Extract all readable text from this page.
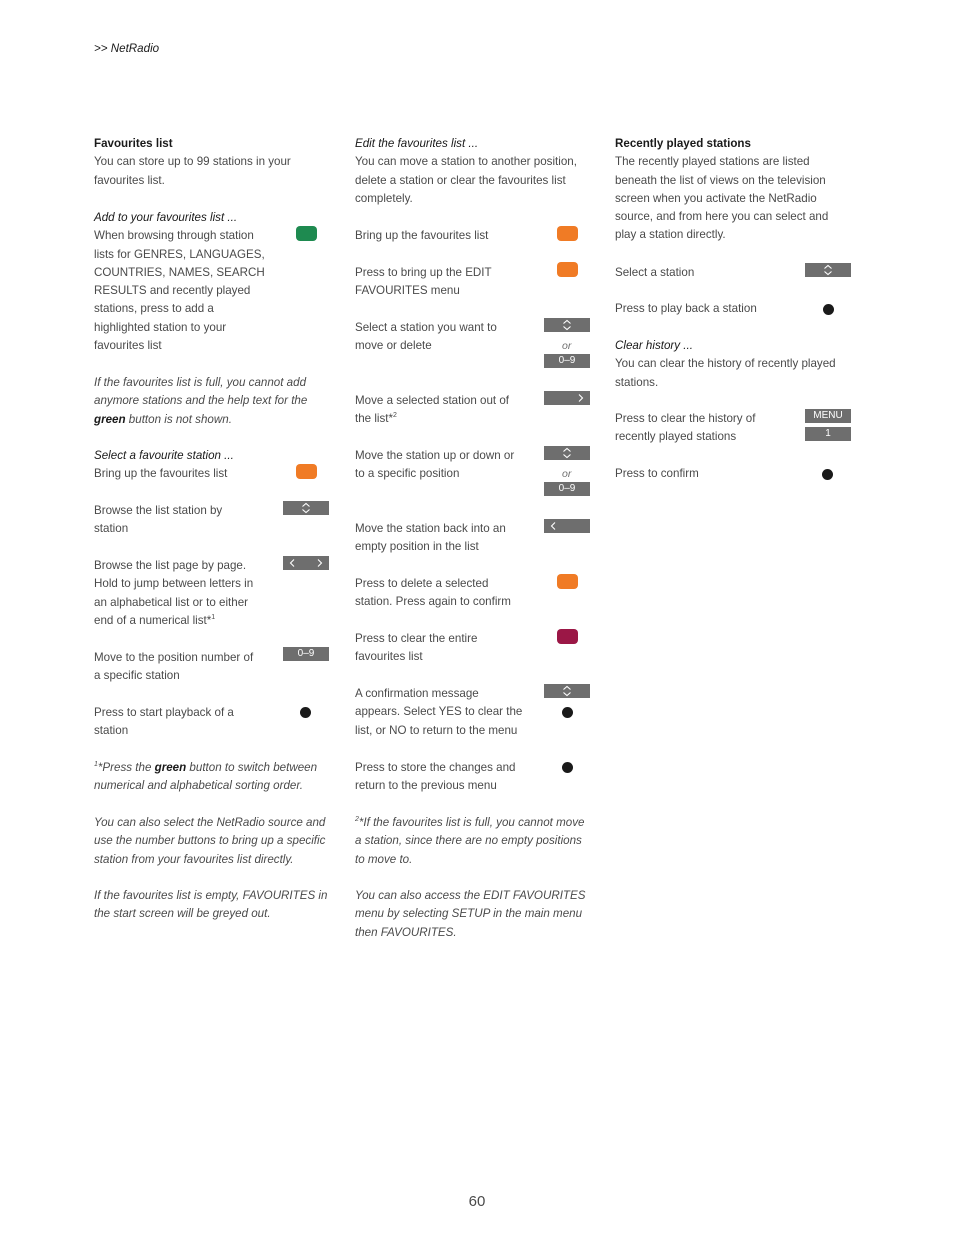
>> NetRadio
Favourites list
You can store up to 99 stations in your
favourites list.
Add to your favourites list ...
When browsing through station
lists for GENRES, LANGUAGES,
COUNTRIES, NAMES, SEARCH
RESULTS and recently played
stations, press to add a
highlighted station to your
favourites list
If the favourites list is full, you cannot add
anymore stations and the help text for the
green button is not shown.
Select a favourite station ...
Bring up the favourites list
Browse the list station by
station
Browse the list page by page.
Hold to jump between letters in
an alphabetical list or to either
end of a numerical list*$^1$
Move to the position number of
a specific station
0–9
Press to start playback of a
station
$^1$*Press the green button to switch between
numerical and alphabetical sorting order.
You can also select the NetRadio source and
use the number buttons to bring up a specific
station from your favourites list directly.
If the favourites list is empty, FAVOURITES in
the start screen will be greyed out.
Edit the favourites list ...
You can move a station to another position,
delete a station or clear the favourites list
completely.
Bring up the favourites list
Press to bring up the EDIT
FAVOURITES menu
Select a station you want to
move or delete	or
0–9
Move a selected station out of
the list*$^2$
Move the station up or down or
to a specific position	or
0–9
Move the station back into an
empty position in the list
Press to delete a selected
station. Press again to confirm
Press to clear the entire
favourites list
A confirmation message
appears. Select YES to clear the
list, or NO to return to the menu
Press to store the changes and
return to the previous menu
$^2$*If the favourites list is full, you cannot move
a station, since there are no empty positions
to move to.
You can also access the EDIT FAVOURITES
menu by selecting SETUP in the main menu
then FAVOURITES.
Recently played stations
The recently played stations are listed
beneath the list of views on the television
screen when you activate the NetRadio
source, and from here you can select and
play a station directly.
Select a station
Press to play back a station
Clear history ...
You can clear the history of recently played
stations.
Press to clear the history of
recently played stations
MENU
1
Press to confirm
60
